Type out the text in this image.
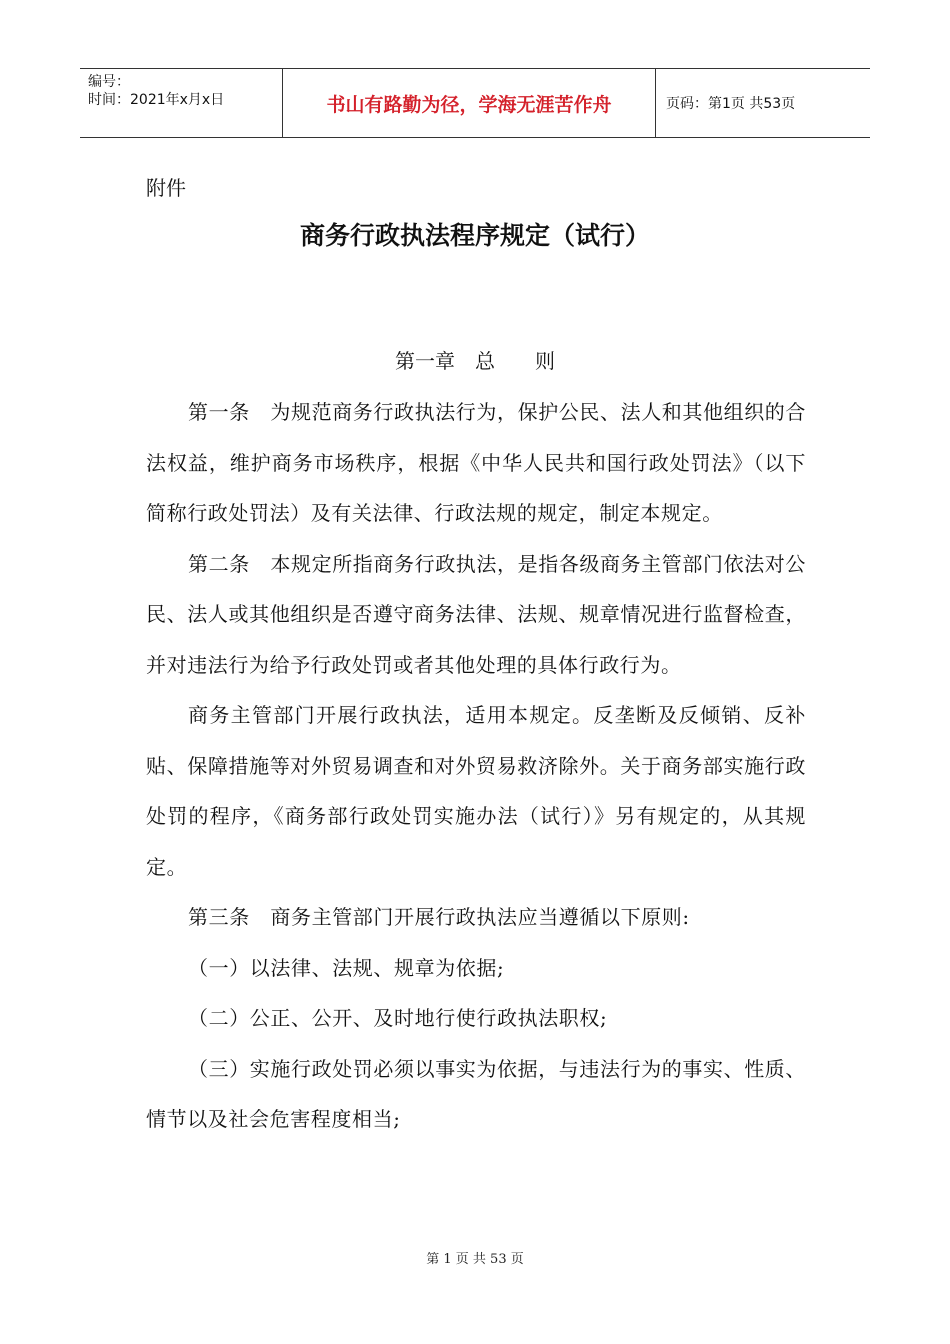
编号：
时间：2021年x月x日	书山有路勤为径，学海无涯苦作舟	页码：第1页 共53页
附件
商务行政执法程序规定（试行）
第一章　总　　则

第一条　为规范商务行政执法行为，保护公民、法人和其他组织的合法权益，维护商务市场秩序，根据《中华人民共和国行政处罚法》（以下简称行政处罚法）及有关法律、行政法规的规定，制定本规定。

第二条　本规定所指商务行政执法，是指各级商务主管部门依法对公民、法人或其他组织是否遵守商务法律、法规、规章情况进行监督检查，并对违法行为给予行政处罚或者其他处理的具体行政行为。

商务主管部门开展行政执法，适用本规定。反垄断及反倾销、反补贴、保障措施等对外贸易调查和对外贸易救济除外。关于商务部实施行政处罚的程序，《商务部行政处罚实施办法（试行）》另有规定的，从其规定。

第三条　商务主管部门开展行政执法应当遵循以下原则:

（一）以法律、法规、规章为依据;

（二）公正、公开、及时地行使行政执法职权;

（三）实施行政处罚必须以事实为依据，与违法行为的事实、性质、情节以及社会危害程度相当;

第 1 页 共 53 页
